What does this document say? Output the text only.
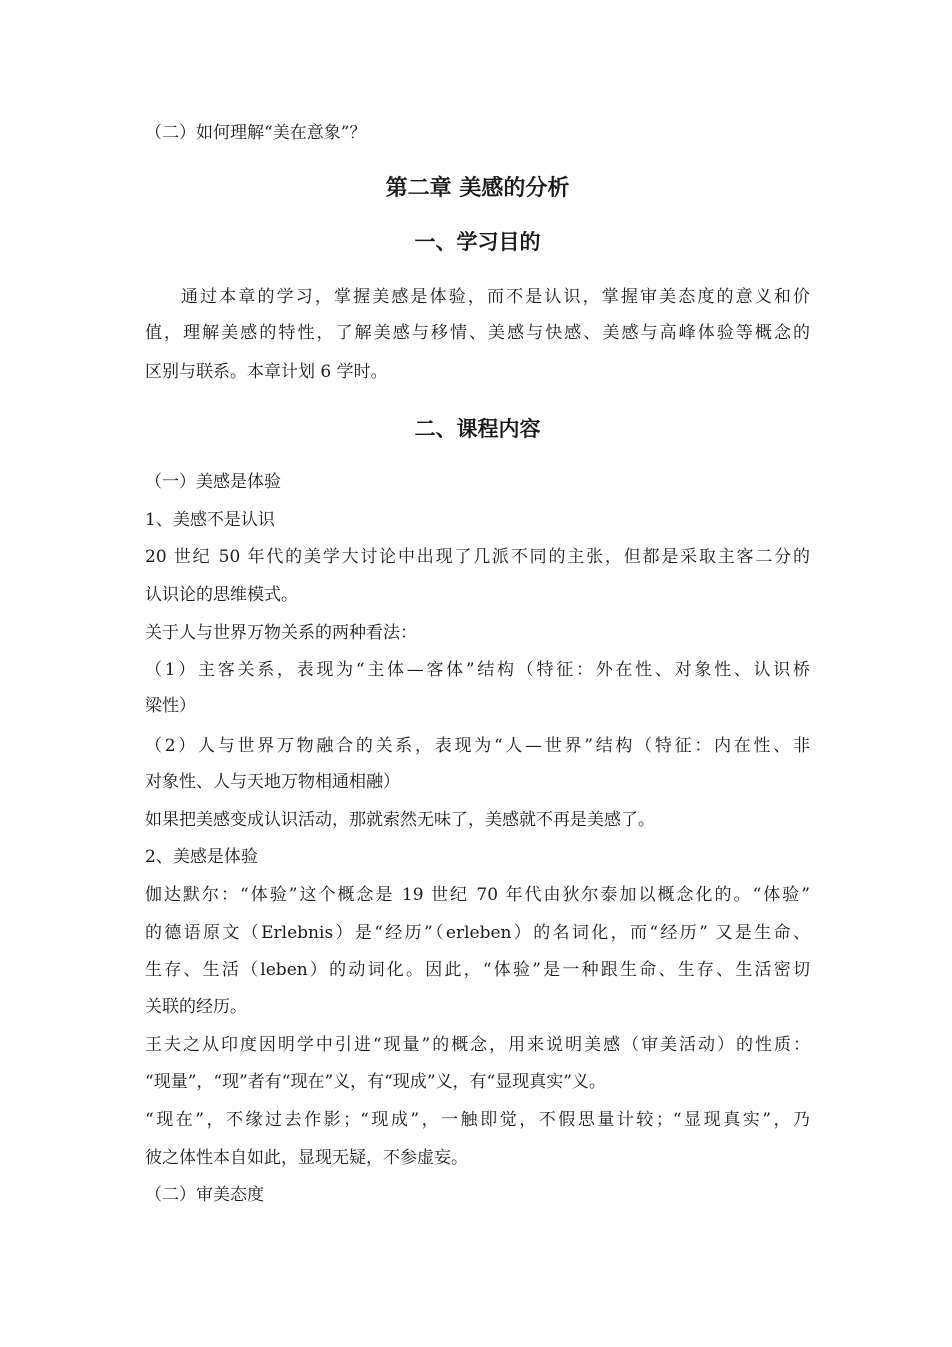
（二）如何理解“美在意象”？
第二章 美感的分析
一、学习目的
通过本章的学习，掌握美感是体验，而不是认识，掌握审美态度的意义和价
值，理解美感的特性，了解美感与移情、美感与快感、美感与高峰体验等概念的
区别与联系。本章计划 6 学时。
二、课程内容
（一）美感是体验
1、美感不是认识
20 世纪 50 年代的美学大讨论中出现了几派不同的主张，但都是采取主客二分的
认识论的思维模式。
关于人与世界万物关系的两种看法：
（1）主客关系，表现为“主体—客体”结构（特征：外在性、对象性、认识桥
梁性）
（2）人与世界万物融合的关系，表现为“人—世界”结构（特征：内在性、非
对象性、人与天地万物相通相融）
如果把美感变成认识活动，那就索然无味了，美感就不再是美感了。
2、美感是体验
伽达默尔：“体验”这个概念是 19 世纪 70 年代由狄尔泰加以概念化的。“体验”
的德语原文（Erlebnis）是“经历”（erleben）的名词化，而“经历” 又是生命、
生存、生活（leben）的动词化。因此，“体验”是一种跟生命、生存、生活密切
关联的经历。
王夫之从印度因明学中引进“现量”的概念，用来说明美感（审美活动）的性质：
“现量”，“现”者有“现在”义，有“现成”义，有“显现真实”义。
“现在”，不缘过去作影；“现成”，一触即觉，不假思量计较；“显现真实”，乃
彼之体性本自如此，显现无疑，不参虚妄。
（二）审美态度
